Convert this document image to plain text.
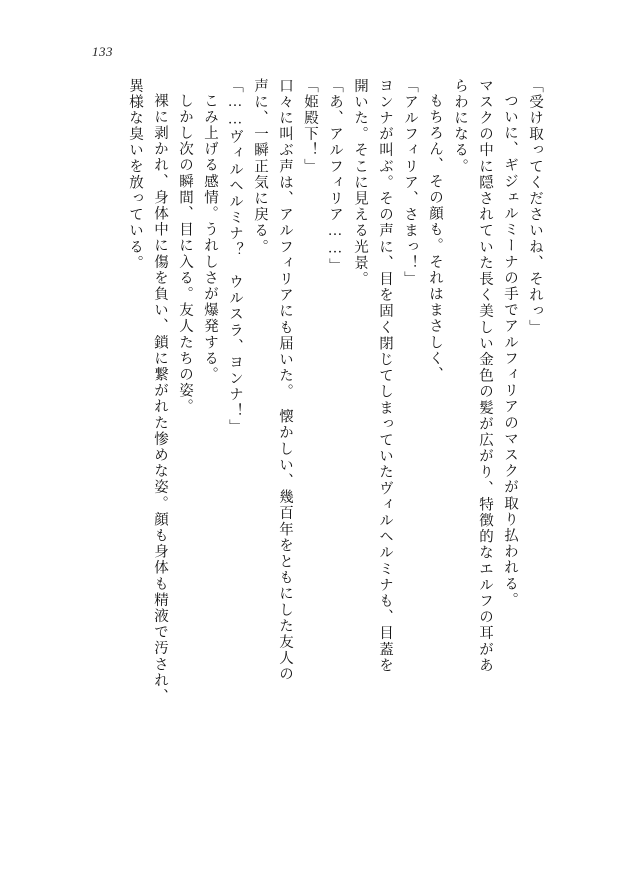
133
「受け取ってくださいね、それっ」
ついに、ギジェルミーナの手でアルフィリアのマスクが取り払われる。
マスクの中に隠されていた長く美しい金色の髪が広がり、特徴的なエルフの耳があ
らわになる。
もちろん、その顔も。それはまさしく、
「アルフィリア、さまっ！」
ヨンナが叫ぶ。その声に、目を固く閉じてしまっていたヴィルヘルミナも、目蓋を
開いた。そこに見える光景。
「あ、アルフィリア……」
「姫殿下！」
口々に叫ぶ声は、アルフィリアにも届いた。　懐かしい、幾百年をともにした友人の
声に、一瞬正気に戻る。
「……ヴィルヘルミナ？　ウルスラ、ヨンナ！」
こみ上げる感情。うれしさが爆発する。
しかし次の瞬間、目に入る。友人たちの姿。
裸に剥かれ、身体中に傷を負い、鎖に繋がれた惨めな姿。顔も身体も精液で汚され、
異様な臭いを放っている。
